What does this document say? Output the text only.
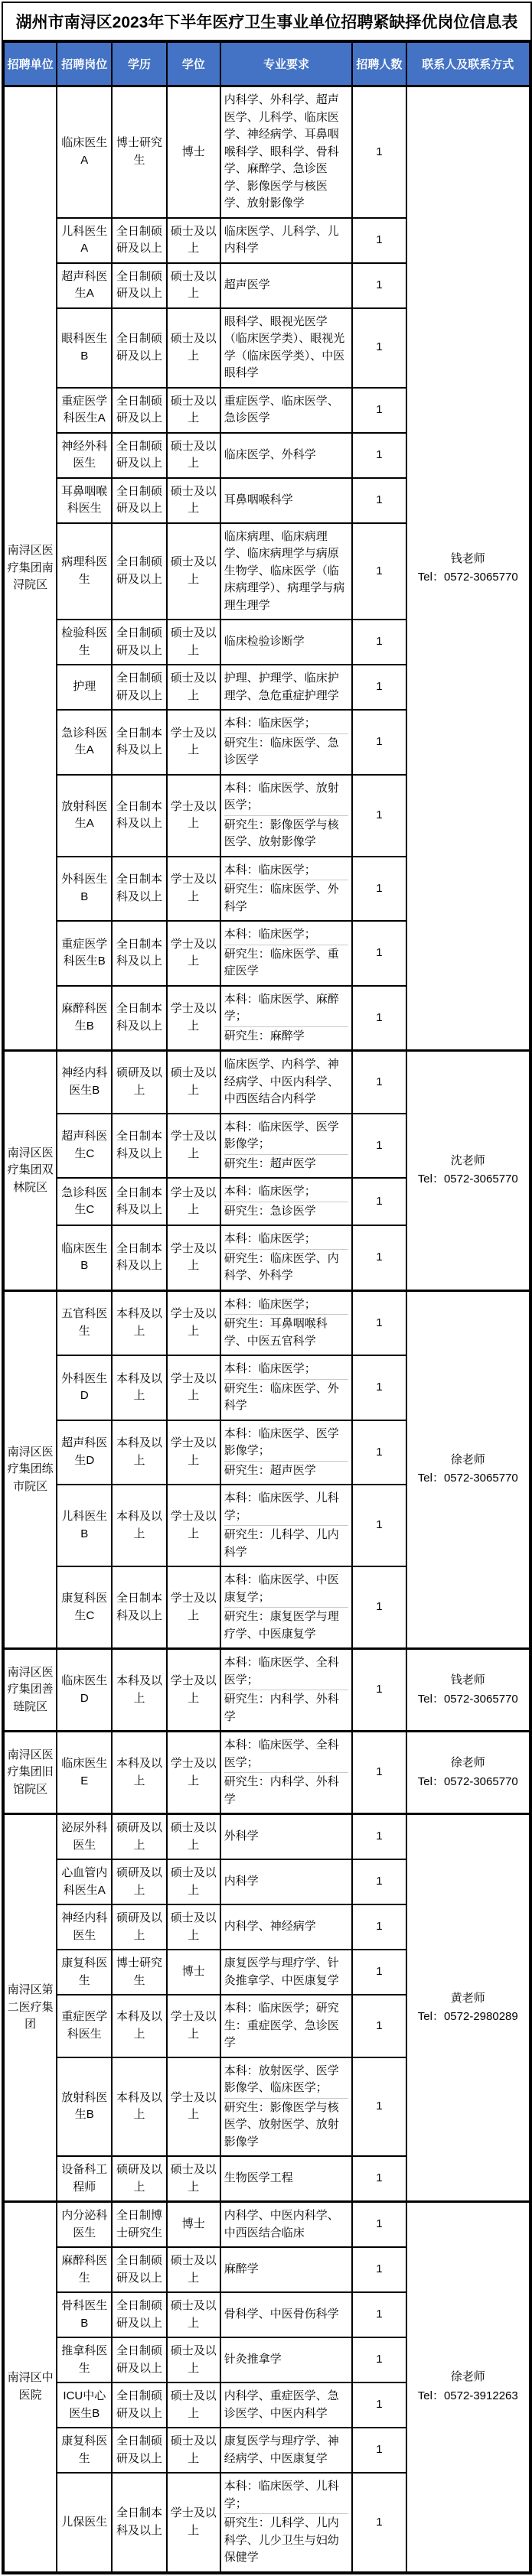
湖州市南浔区2023年下半年医疗卫生事业单位招聘紧缺择优岗位信息表
招聘单位	招聘岗位	学历	学位	专业要求	招聘人数	联系人及联系方式
南浔区医疗集团南浔院区	临床医生A	博士研究生	博士	内科学、外科学、超声医学、儿科学、临床医学、神经病学、耳鼻咽喉科学、眼科学、骨科学、麻醉学、急诊医学、影像医学与核医学、放射影像学	1	钱老师
Tel：0572-3065770

	儿科医生A	全日制硕研及以上	硕士及以上	临床医学、儿科学、儿内科学	1	
	超声科医生A	全日制硕研及以上	硕士及以上	超声医学	1	
	眼科医生B	全日制硕研及以上	硕士及以上	眼科学、眼视光医学（临床医学类）、眼视光学（临床医学类）、中医眼科学	1	
	重症医学科医生A	全日制硕研及以上	硕士及以上	重症医学、临床医学、急诊医学	1	
	神经外科医生	全日制硕研及以上	硕士及以上	临床医学、外科学	1	
	耳鼻咽喉科医生	全日制硕研及以上	硕士及以上	耳鼻咽喉科学	1	
	病理科医生	全日制硕研及以上	硕士及以上	临床病理、临床病理学、临床病理学与病原生物学、临床医学（临床病理学）、病理学与病理生理学	1	
	检验科医生	全日制硕研及以上	硕士及以上	临床检验诊断学	1	
	护理	全日制硕研及以上	硕士及以上	护理、护理学、临床护理学、急危重症护理学	1	
	急诊科医生A	全日制本科及以上	学士及以上	本科：临床医学；
研究生：临床医学、急诊医学	1	
	放射科医生A	全日制本科及以上	学士及以上	本科：临床医学、放射医学；
研究生：影像医学与核医学、放射影像学	1	
	外科医生B	全日制本科及以上	学士及以上	本科：临床医学；
研究生：临床医学、外科学	1	
	重症医学科医生B	全日制本科及以上	学士及以上	本科：临床医学；
研究生：临床医学、重症医学	1	
	麻醉科医生B	全日制本科及以上	学士及以上	本科：临床医学、麻醉学；
研究生：麻醉学	1	
南浔区医疗集团双林院区	神经内科医生B	硕研及以上	硕士及以上	临床医学、内科学、神经病学、中医内科学、中西医结合内科学	1	沈老师
Tel：0572-3065770

	超声科医生C	全日制本科及以上	学士及以上	本科：临床医学、医学影像学；
研究生：超声医学	1	
	急诊科医生C	全日制本科及以上	学士及以上	本科：临床医学；
研究生：急诊医学	1	
	临床医生B	全日制本科及以上	学士及以上	本科：临床医学；
研究生：临床医学、内科学、外科学	1	
南浔区医疗集团练市院区	五官科医生	本科及以上	学士及以上	
本科：临床医学；
研究生：耳鼻咽喉科学、中医五官科学
	1	
徐老师
Tel：0572-3065770

	外科医生D	本科及以上	学士及以上	本科：临床医学；
研究生：临床医学、外科学	1	
	超声科医生D	本科及以上	学士及以上	本科：临床医学、医学影像学；
研究生：超声医学	1	
	儿科医生B	本科及以上	学士及以上	本科：临床医学、儿科学；
研究生：儿科学、儿内科学	1	
	康复科医生C	全日制本科及以上	学士及以上	本科：临床医学、中医康复学；
研究生：康复医学与理疗学、中医康复学	1	
南浔区医疗集团善琏院区	临床医生D	本科及以上	学士及以上	
本科：临床医学、全科医学；
研究生：内科学、外科学
	1	
钱老师
Tel：0572-3065770

南浔区医疗集团旧馆院区	临床医生E	本科及以上	学士及以上	
本科：临床医学、全科医学；
研究生：内科学、外科学
	1	
徐老师
Tel：0572-3065770

南浔区第二医疗集团	泌尿外科医生	硕研及以上	硕士及以上	外科学	1	黄老师
Tel：0572-2980289

	心血管内科医生A	硕研及以上	硕士及以上	内科学	1	
	神经内科医生	硕研及以上	硕士及以上	内科学、神经病学	1	
	康复科医生	博士研究生	博士	康复医学与理疗学、针灸推拿学、中医康复学	1	
	重症医学科医生	本科及以上	学士及以上	本科：临床医学；研究生：重症医学、急诊医学	1	
	放射科医生B	本科及以上	学士及以上	本科：放射医学、医学影像学、临床医学；
研究生：影像医学与核医学、放射医学、放射影像学	1	
	设备科工程师	硕研及以上	硕士及以上	生物医学工程	1	
南浔区中医院	内分泌科医生	全日制博士研究生	博士	内科学、中医内科学、中西医结合临床	1	徐老师
Tel：0572-3912263

	麻醉科医生	全日制硕研及以上	硕士及以上	麻醉学	1	
	骨科医生B	全日制硕研及以上	硕士及以上	骨科学、中医骨伤科学	1	
	推拿科医生	全日制硕研及以上	硕士及以上	针灸推拿学	1	
	ICU中心医生B	全日制硕研及以上	硕士及以上	内科学、重症医学、急诊医学、中医内科学	1	
	康复科医生	全日制硕研及以上	硕士及以上	康复医学与理疗学、神经病学、中医康复学	1	
	儿保医生	全日制本科及以上	学士及以上	本科：临床医学、儿科学；
研究生：儿科学、儿内科学、儿少卫生与妇幼保健学	1	
